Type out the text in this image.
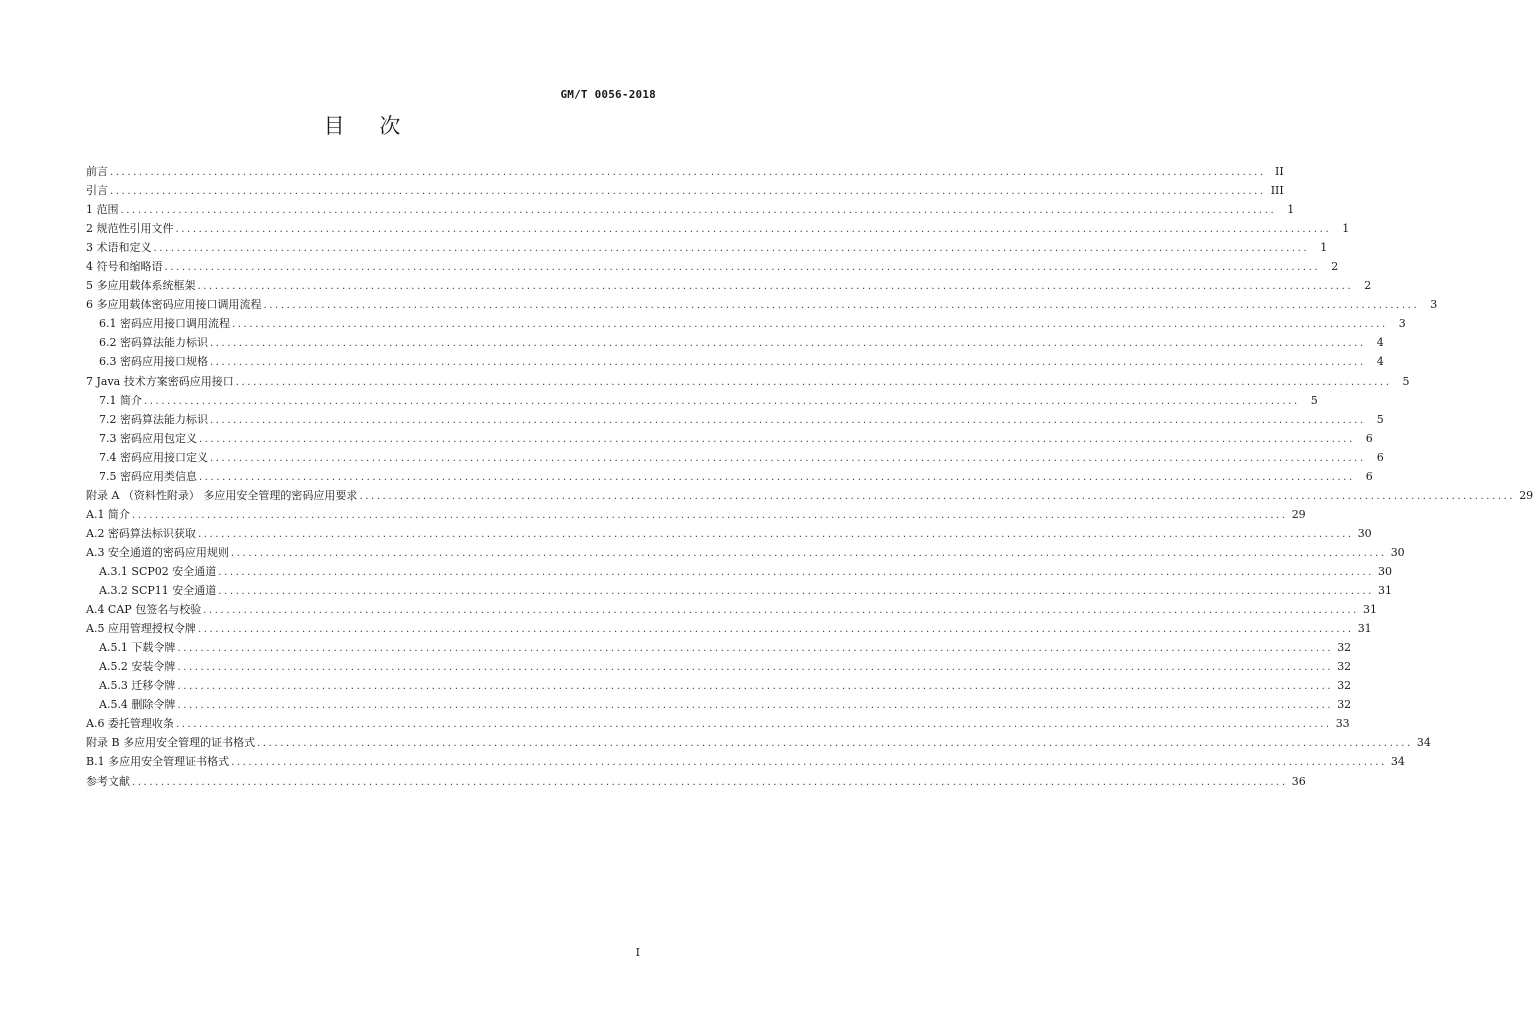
GM/T 0056-2018
目 次
前言 ........................................................................................................................................................................................................ II
引言 ........................................................................................................................................................................................................ III
1 范围 ........................................................................................................................................................................................................	1
2 规范性引用文件 ........................................................................................................................................................................................................	1
3 术语和定义 ........................................................................................................................................................................................................	1
4 符号和缩略语 ........................................................................................................................................................................................................	2
5 多应用载体系统框架 ........................................................................................................................................................................................................	2
6 多应用载体密码应用接口调用流程 ........................................................................................................................................................................................................	3
6.1 密码应用接口调用流程 ........................................................................................................................................................................................................	3
6.2 密码算法能力标识 ........................................................................................................................................................................................................	4
6.3 密码应用接口规格 ........................................................................................................................................................................................................	4
7 Java 技术方案密码应用接口 ........................................................................................................................................................................................................	5
7.1 简介 ........................................................................................................................................................................................................	5
7.2 密码算法能力标识 ........................................................................................................................................................................................................	5
7.3 密码应用包定义 ........................................................................................................................................................................................................	6
7.4 密码应用接口定义 ........................................................................................................................................................................................................	6
7.5 密码应用类信息 ........................................................................................................................................................................................................	6
附录 A （资料性附录） 多应用安全管理的密码应用要求 ........................................................................................................................................................................................................ 29
A.1 简介 ........................................................................................................................................................................................................ 29
A.2 密码算法标识获取 ........................................................................................................................................................................................................ 30
A.3 安全通道的密码应用规则 ........................................................................................................................................................................................................ 30
A.3.1 SCP02 安全通道 ........................................................................................................................................................................................................ 30
A.3.2 SCP11 安全通道 ........................................................................................................................................................................................................ 31
A.4 CAP 包签名与校验 ........................................................................................................................................................................................................ 31
A.5 应用管理授权令牌 ........................................................................................................................................................................................................ 31
A.5.1 下载令牌 ........................................................................................................................................................................................................ 32
A.5.2 安装令牌 ........................................................................................................................................................................................................ 32
A.5.3 迁移令牌 ........................................................................................................................................................................................................ 32
A.5.4 删除令牌 ........................................................................................................................................................................................................ 32
A.6 委托管理收条 ........................................................................................................................................................................................................ 33
附录 B 多应用安全管理的证书格式 ........................................................................................................................................................................................................ 34
B.1 多应用安全管理证书格式 ........................................................................................................................................................................................................ 34
参考文献 ........................................................................................................................................................................................................ 36
I
